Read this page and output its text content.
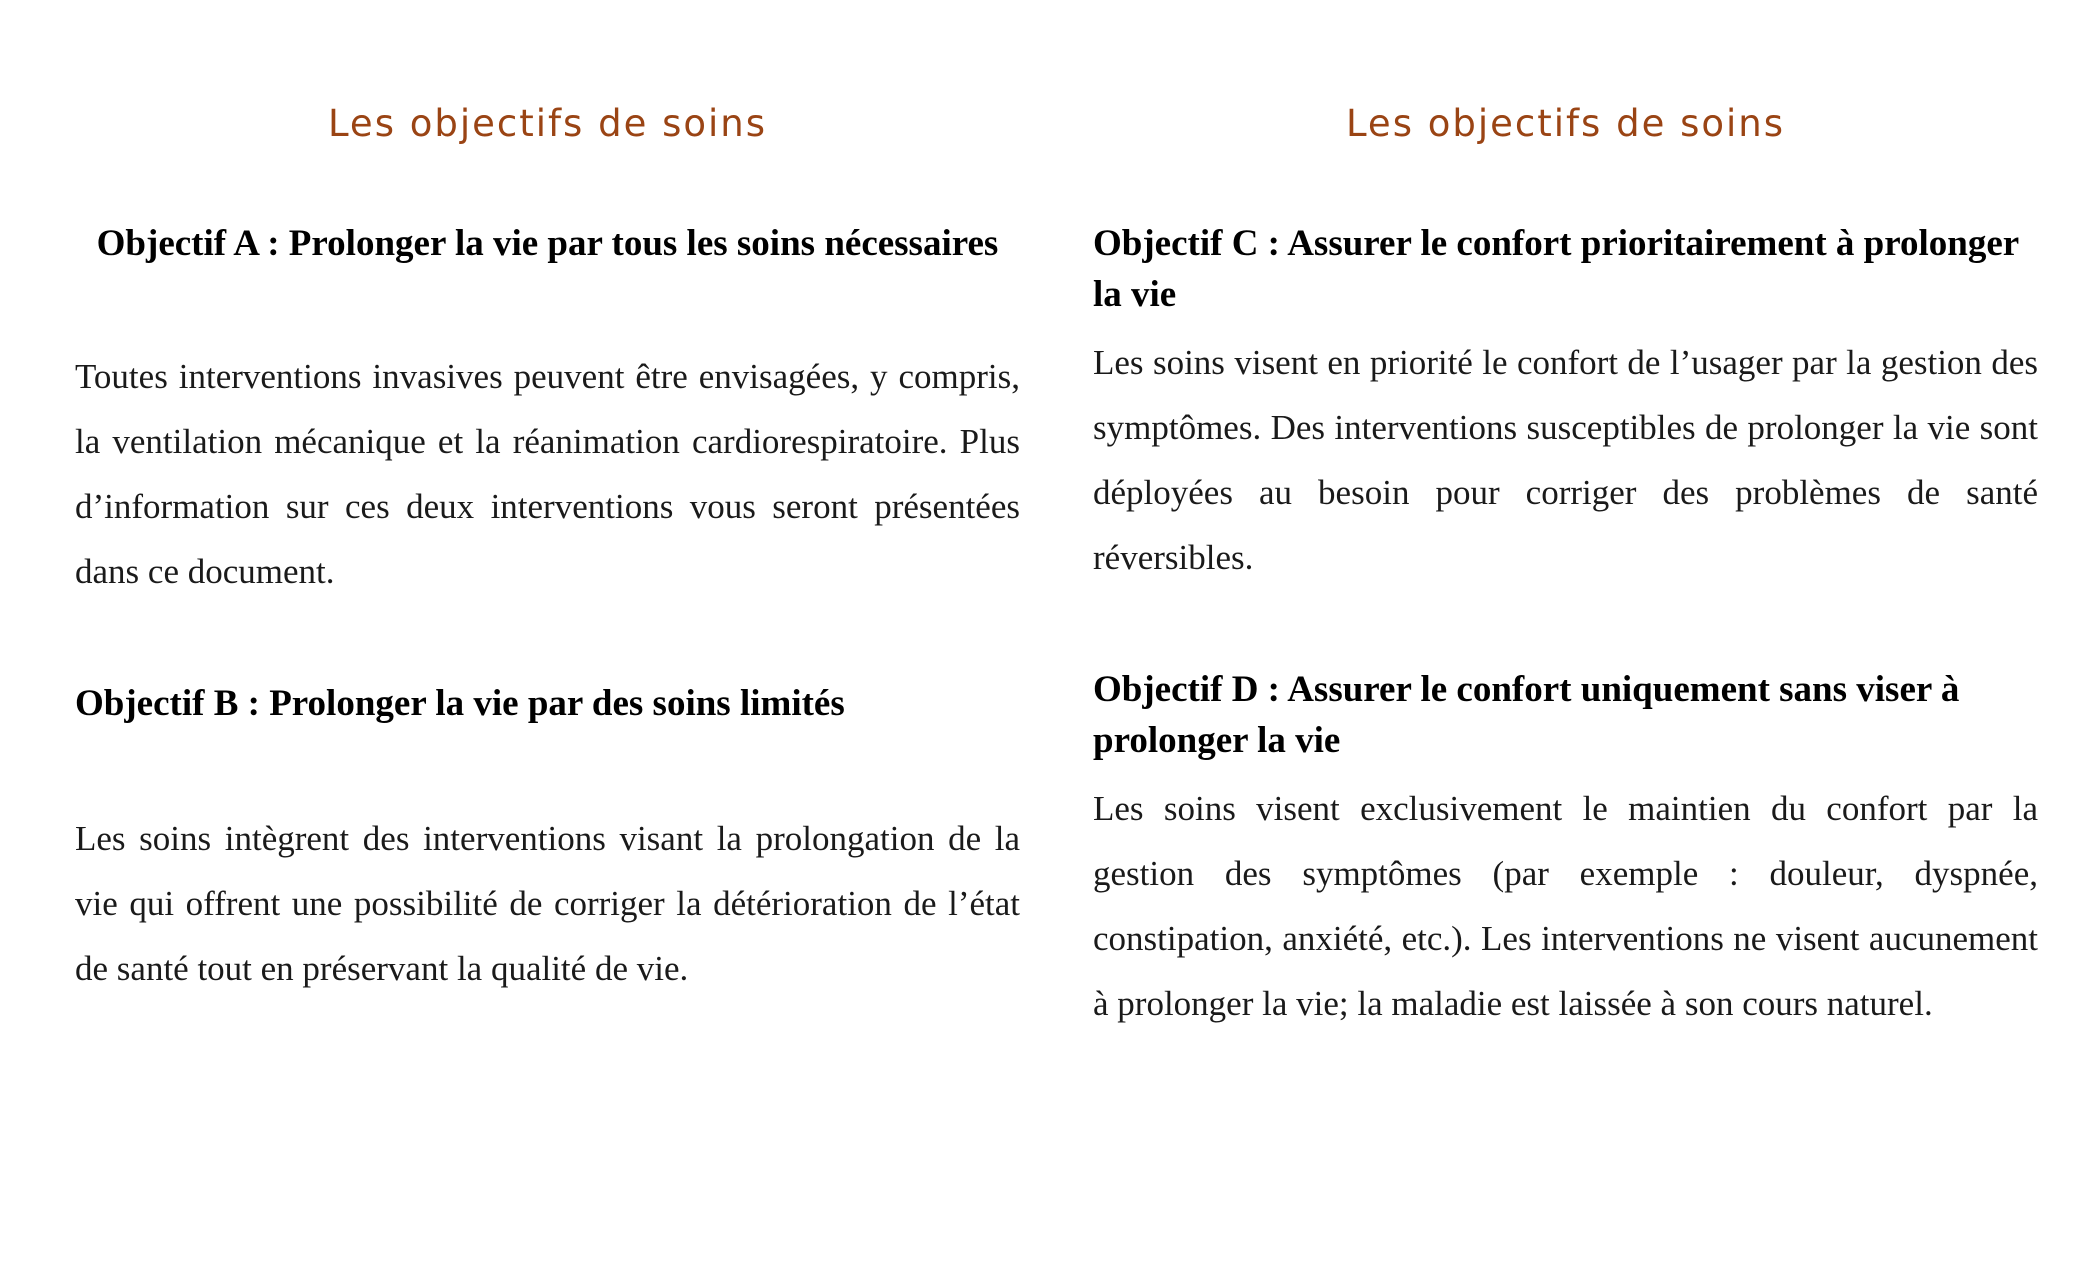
Les objectifs de soins
Objectif A : Prolonger la vie par tous les soins nécessaires

Toutes interventions invasives peuvent être envisagées, y compris, la ventilation mécanique et la réanimation cardiorespiratoire. Plus d’information sur ces deux interventions vous seront présentées dans ce document.

Objectif B : Prolonger la vie par des soins limités

Les soins intègrent des interventions visant la prolongation de la vie qui offrent une possibilité de corriger la détérioration de l’état de santé tout en préservant la qualité de vie.

Les objectifs de soins
Objectif C : Assurer le confort prioritairement à prolonger la vie

Les soins visent en priorité le confort de l’usager par la gestion des symptômes. Des interventions susceptibles de prolonger la vie sont déployées au besoin pour corriger des problèmes de santé réversibles.

Objectif D : Assurer le confort uniquement sans viser à prolonger la vie

Les soins visent exclusivement le maintien du confort par la gestion des symptômes (par exemple : douleur, dyspnée, constipation, anxiété, etc.). Les interventions ne visent aucunement à prolonger la vie; la maladie est laissée à son cours naturel.
